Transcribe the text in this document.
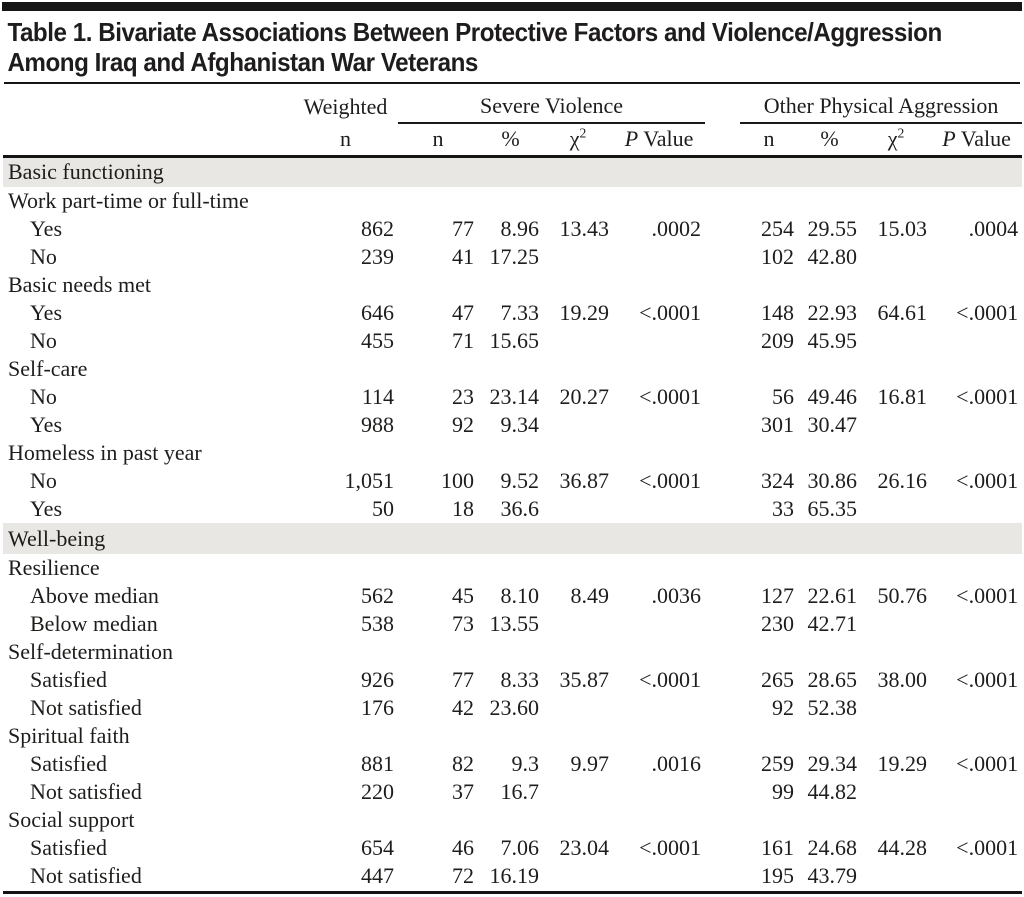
Table 1. Bivariate Associations Between Protective Factors and Violence/Aggression
Among Iraq and Afghanistan War Veterans
	Weighted	Severe Violence					Other Physical Aggression			
	n	n	%	$\chi^2$	P Value		n	%	$\chi^2$	P Value
Basic functioning										
Work part-time or full-time										
Yes	862	77	8.96	13.43	.0002		254	29.55	15.03	.0004
No	239	41	17.25				102	42.80		
Basic needs met										
Yes	646	47	7.33	19.29	<.0001		148	22.93	64.61	<.0001
No	455	71	15.65				209	45.95		
Self-care										
No	114	23	23.14	20.27	<.0001		56	49.46	16.81	<.0001
Yes	988	92	9.34				301	30.47		
Homeless in past year										
No	1,051	100	9.52	36.87	<.0001		324	30.86	26.16	<.0001
Yes	50	18	36.6				33	65.35		
Well-being										
Resilience										
Above median	562	45	8.10	8.49	.0036		127	22.61	50.76	<.0001
Below median	538	73	13.55				230	42.71		
Self-determination										
Satisfied	926	77	8.33	35.87	<.0001		265	28.65	38.00	<.0001
Not satisfied	176	42	23.60				92	52.38		
Spiritual faith										
Satisfied	881	82	9.3	9.97	.0016		259	29.34	19.29	<.0001
Not satisfied	220	37	16.7				99	44.82		
Social support										
Satisfied	654	46	7.06	23.04	<.0001		161	24.68	44.28	<.0001
Not satisfied	447	72	16.19				195	43.79		
